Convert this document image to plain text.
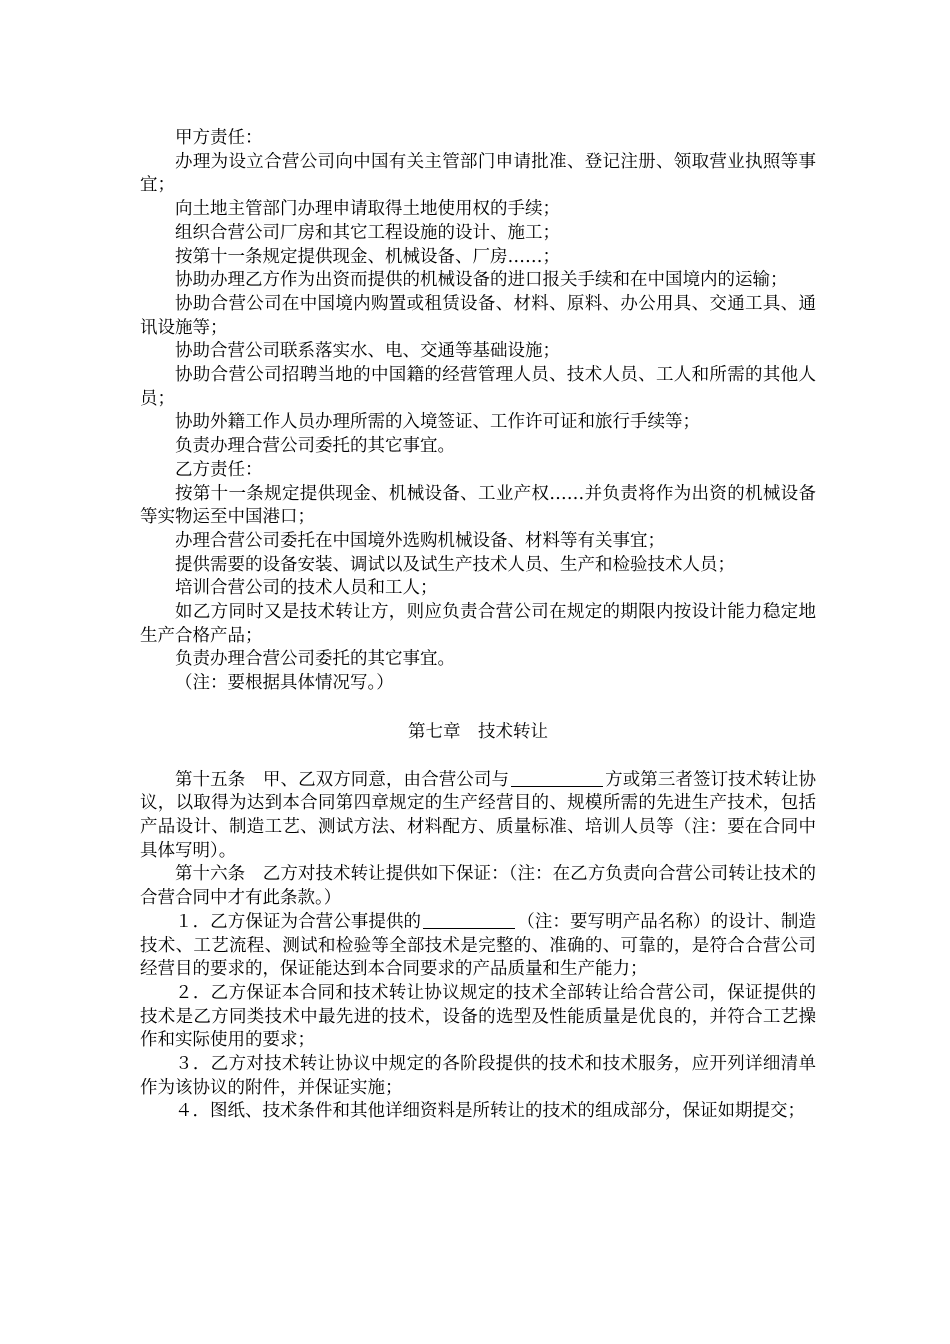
甲方责任：

办理为设立合营公司向中国有关主管部门申请批准、登记注册、领取营业执照等事宜；

向土地主管部门办理申请取得土地使用权的手续；

组织合营公司厂房和其它工程设施的设计、施工；

按第十一条规定提供现金、机械设备、厂房……；

协助办理乙方作为出资而提供的机械设备的进口报关手续和在中国境内的运输；

协助合营公司在中国境内购置或租赁设备、材料、原料、办公用具、交通工具、通讯设施等；

协助合营公司联系落实水、电、交通等基础设施；

协助合营公司招聘当地的中国籍的经营管理人员、技术人员、工人和所需的其他人员；

协助外籍工作人员办理所需的入境签证、工作许可证和旅行手续等；

负责办理合营公司委托的其它事宜。

乙方责任：

按第十一条规定提供现金、机械设备、工业产权……并负责将作为出资的机械设备等实物运至中国港口；

办理合营公司委托在中国境外选购机械设备、材料等有关事宜；

提供需要的设备安装、调试以及试生产技术人员、生产和检验技术人员；

培训合营公司的技术人员和工人；

如乙方同时又是技术转让方，则应负责合营公司在规定的期限内按设计能力稳定地生产合格产品；

负责办理合营公司委托的其它事宜。

（注：要根据具体情况写。）

第七章　技术转让

第十五条　甲、乙双方同意，由合营公司与	方或第三者签订技术转让协议，以取得为达到本合同第四章规定的生产经营目的、规模所需的先进生产技术，包括产品设计、制造工艺、测试方法、材料配方、质量标准、培训人员等（注：要在合同中具体写明）。

第十六条　乙方对技术转让提供如下保证：（注：在乙方负责向合营公司转让技术的合营合同中才有此条款。）

１．乙方保证为合营公事提供的	（注：要写明产品名称）的设计、制造技术、工艺流程、测试和检验等全部技术是完整的、准确的、可靠的，是符合合营公司经营目的要求的，保证能达到本合同要求的产品质量和生产能力；

２．乙方保证本合同和技术转让协议规定的技术全部转让给合营公司，保证提供的技术是乙方同类技术中最先进的技术，设备的选型及性能质量是优良的，并符合工艺操作和实际使用的要求；

３．乙方对技术转让协议中规定的各阶段提供的技术和技术服务，应开列详细清单作为该协议的附件，并保证实施；

４．图纸、技术条件和其他详细资料是所转让的技术的组成部分，保证如期提交；
